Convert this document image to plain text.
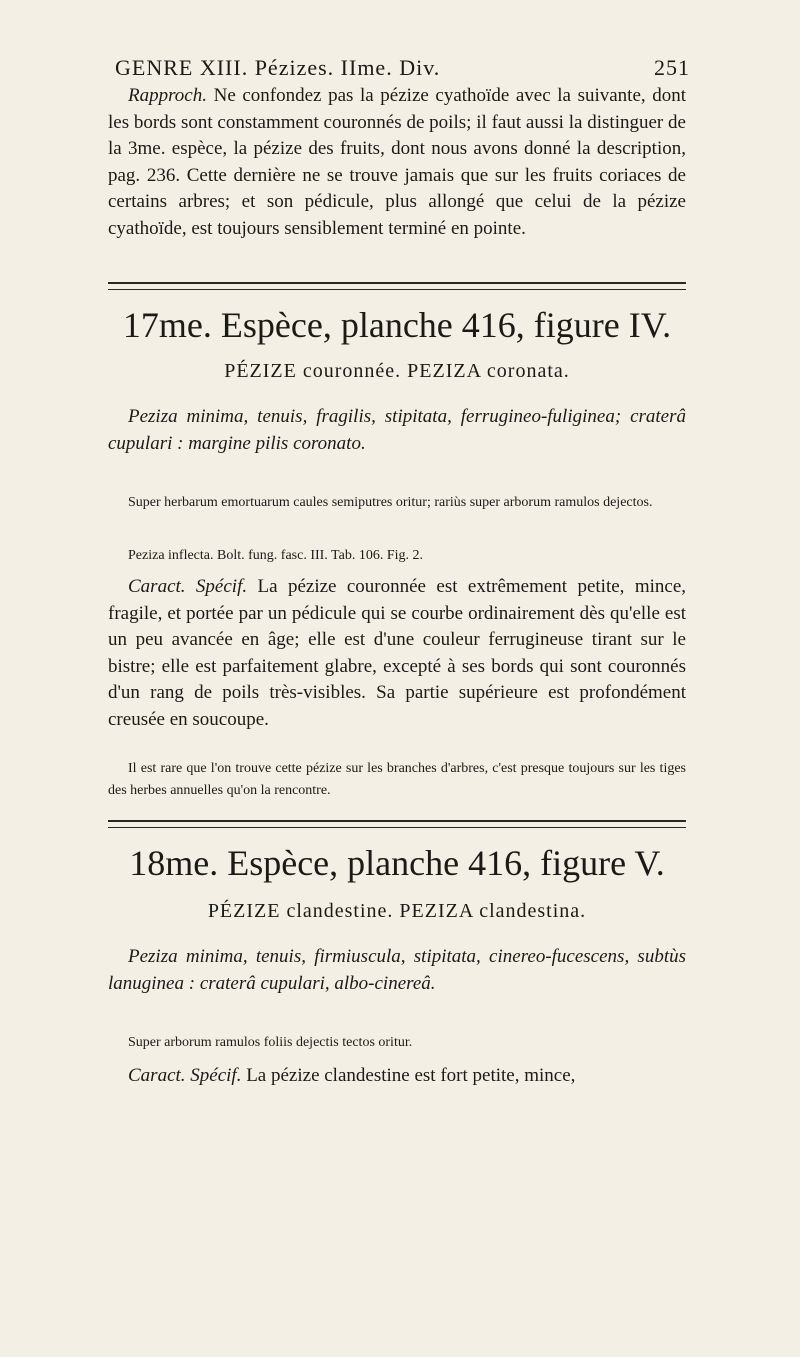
GENRE XIII. Pézizes. IIme. Div.	251

Rapproch. Ne confondez pas la pézize cyathoïde avec la suivante, dont les bords sont constamment couronnés de poils; il faut aussi la distinguer de la 3me. espèce, la pézize des fruits, dont nous avons donné la description, pag. 236. Cette dernière ne se trouve jamais que sur les fruits coriaces de certains arbres; et son pédicule, plus allongé que celui de la pézize cyathoïde, est toujours sensiblement terminé en pointe.

17me. Espèce, planche 416, figure IV.
PÉZIZE couronnée. PEZIZA coronata.

Peziza minima, tenuis, fragilis, stipitata, ferrugineo-fuliginea; craterâ cupulari : margine pilis coronato.

Super herbarum emortuarum caules semiputres oritur; rariùs super arborum ramulos dejectos.

Peziza inflecta. Bolt. fung. fasc. III. Tab. 106. Fig. 2.

Caract. Spécif. La pézize couronnée est extrêmement petite, mince, fragile, et portée par un pédicule qui se courbe ordinairement dès qu'elle est un peu avancée en âge; elle est d'une couleur ferrugineuse tirant sur le bistre; elle est parfaitement glabre, excepté à ses bords qui sont couronnés d'un rang de poils très-visibles. Sa partie supérieure est profondément creusée en soucoupe.

Il est rare que l'on trouve cette pézize sur les branches d'arbres, c'est presque toujours sur les tiges des herbes annuelles qu'on la rencontre.

18me. Espèce, planche 416, figure V.
PÉZIZE clandestine. PEZIZA clandestina.

Peziza minima, tenuis, firmiuscula, stipitata, cinereo-fucescens, subtùs lanuginea : craterâ cupulari, albo-cinereâ.

Super arborum ramulos foliis dejectis tectos oritur.

Caract. Spécif. La pézize clandestine est fort petite, mince,
